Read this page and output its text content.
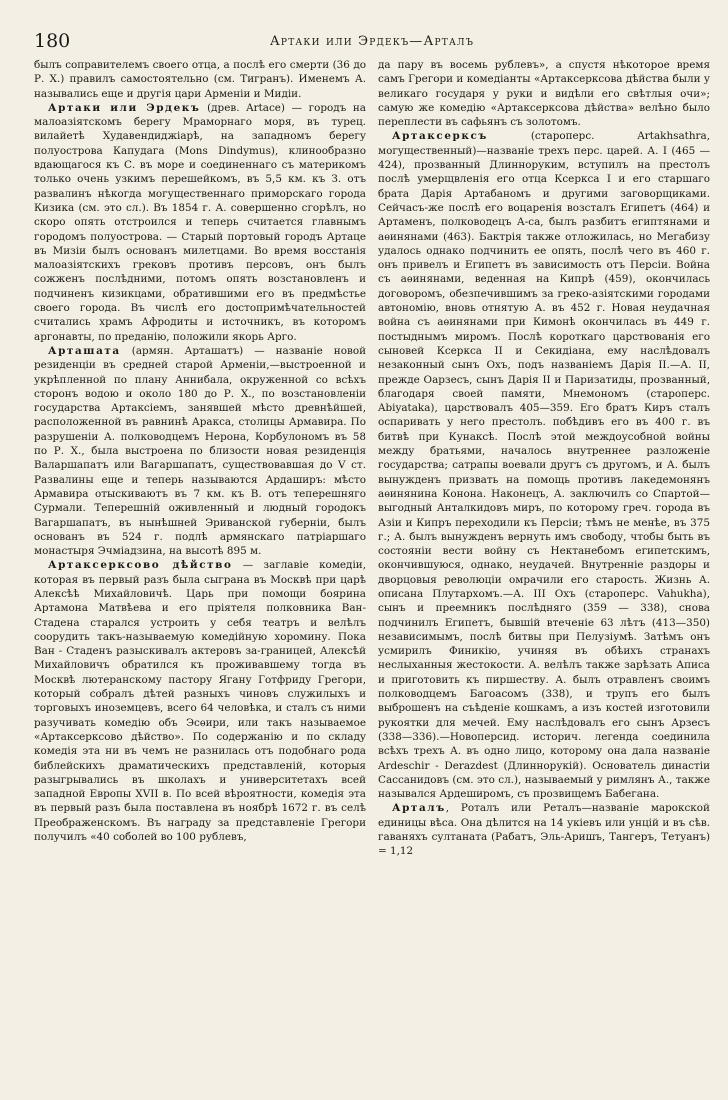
180	Артаки или Эрдекъ—Арталъ

былъ соправителемъ своего отца, а послѣ его смерти (36 до Р. Х.) правилъ самостоятельно (см. Тигранъ). Именемъ А. назывались еще и другія цари Арменіи и Мидіи.

Артаки или Эрдекъ (древ. Artace) — городъ на малоазіятскомъ берегу Мраморнаго моря, въ турец. вилайетѣ Худавендиджіарѣ, на западномъ берегу полуострова Капудага (Mons Dindymus), клинообразно вдающагося къ С. въ море и соединеннаго съ материкомъ только очень узкимъ перешейкомъ, въ 5,5 км. къ З. отъ развалинъ нѣкогда могущественнаго приморскаго города Кизика (см. это сл.). Въ 1854 г. А. совершенно сгорѣлъ, но скоро опять отстроился и теперь считается главнымъ городомъ полуострова. — Старый портовый городъ Артаце въ Мизіи былъ основанъ милетцами. Во время восстанія малоазіятскихъ грековъ противъ персовъ, онъ былъ сожженъ послѣдними, потомъ опять возстановленъ и подчиненъ кизикцами, обратившими его въ предмѣстье своего города. Въ числѣ его достопримѣчательностей считались храмъ Афродиты и источникъ, въ которомъ аргонавты, по преданію, положили якорь Арго.

Арташата (армян. Арташатъ) — названіе новой резиденціи въ средней старой Арменіи,—выстроенной и укрѣпленной по плану Аннибала, окруженной со всѣхъ сторонъ водою и около 180 до Р. Х., по возстановленіи государства Артаксіемъ, занявшей мѣсто древнѣйшей, расположенной въ равнинѣ Аракса, столицы Армавира. По разрушеніи А. полководцемъ Нерона, Корбулономъ въ 58 по Р. Х., была выстроена по близости новая резиденція Валаршапатъ или Вагаршапатъ, существовавшая до V ст. Развалины еще и теперь называются Ардаширъ: мѣсто Армавира отыскиваютъ въ 7 км. къ В. отъ теперешняго Сурмали. Теперешній оживленный и людный городокъ Вагаршапатъ, въ нынѣшней Эриванской губерніи, былъ основанъ въ 524 г. подлѣ армянскаго патріаршаго монастыря Эчміадзина, на высотѣ 895 м.

Артаксерксово дѣйство — заглавіе комедіи, которая въ первый разъ была сыграна въ Москвѣ при царѣ Алексѣѣ Михайловичѣ. Царь при помощи боярина Артамона Матвѣева и его пріятеля полковника Ван-Стадена старался устроить у себя театръ и велѣлъ соорудить такъ-называемую комедійную хоромину. Пока Ван - Стаденъ разыскивалъ актеровъ за-границей, Алексѣй Михайловичъ обратился къ проживавшему тогда въ Москвѣ лютеранскому пастору Ягану Готфриду Грегори, который собралъ дѣтей разныхъ чиновъ служилыхъ и торговыхъ иноземцевъ, всего 64 человѣка, и сталъ съ ними разучивать комедію объ Эсѳири, или такъ называемое «Артаксерксово дѣйство». По содержанію и по складу комедія эта ни въ чемъ не разнилась отъ подобнаго рода библейскихъ драматическихъ представленій, которыя разыгрывались въ школахъ и университетахъ всей западной Европы XVII в. По всей вѣроятности, комедія эта въ первый разъ была поставлена въ ноябрѣ 1672 г. въ селѣ Преображенскомъ. Въ награду за представленіе Грегори получилъ «40 соболей во 100 рублевъ,

да пару въ восемь рублевъ», а спустя нѣкоторое время самъ Грегори и комедіанты «Артаксерксова дѣйства были у великаго государя у руки и видѣли его свѣтлыя очи»; самую же комедію «Артаксерксова дѣйства» велѣно было переплести въ сафьянъ съ золотомъ.

Артаксерксъ (староперс. Artakhsathra, могущественный)—названіе трехъ перс. царей. А. I (465 — 424), прозванный Длинноруким, вступилъ на престолъ послѣ умерщвленія его отца Ксеркса I и его старшаго брата Дарія Артабаномъ и другими заговорщиками. Сейчасъ-же послѣ его воцаренія возсталъ Египетъ (464) и Артаменъ, полководецъ А-са, былъ разбитъ египтянами и аѳинянами (463). Бактрія также отложилась, но Мегабизу удалось однако подчинить ее опять, послѣ чего въ 460 г. онъ привелъ и Египетъ въ зависимость отъ Персіи. Война съ аѳинянами, веденная на Кипрѣ (459), окончилась договоромъ, обезпечившимъ за греко-азіятскими городами автономію, вновь отнятую А. въ 452 г. Новая неудачная война съ аѳинянами при Кимонѣ окончилась въ 449 г. постыднымъ миромъ. Послѣ короткаго царствованія его сыновей Ксеркса II и Секидіана, ему наслѣдовалъ незаконный сынъ Охъ, подъ названіемъ Дарія II.—А. II, прежде Оарзесъ, сынъ Дарія II и Паризатиды, прозванный, благодаря своей памяти, Мнемономъ (староперс. Abiyataka), царствовалъ 405—359. Его братъ Киръ сталъ оспаривать у него престолъ. побѣдивъ его въ 400 г. въ битвѣ при Кунаксѣ. Послѣ этой междоусобной войны между братьями, началось внутреннее разложеніе государства; сатрапы воевали другъ съ другомъ, и А. былъ вынужденъ призвать на помощь противъ лакедемонянъ аѳинянина Конона. Наконецъ, А. заключилъ со Спартой—выгодный Анталкидовъ миръ, по которому греч. города въ Азіи и Кипръ переходили къ Персіи; тѣмъ не менѣе, въ 375 г.; А. былъ вынужденъ вернуть имъ свободу, чтобы быть въ состояніи вести войну съ Нектанебомъ египетскимъ, окончившуюся, однако, неудачей. Внутренніе раздоры и дворцовыя революціи омрачили его старость. Жизнь А. описана Плутархомъ.—А. III Охъ (староперс. Vahukha), сынъ и преемникъ послѣдняго (359 — 338), снова подчинилъ Египетъ, бывшій втеченіе 63 лѣтъ (413—350) независимымъ, послѣ битвы при Пелузіумѣ. Затѣмъ онъ усмирилъ Финикію, учиняя въ обѣихъ странахъ неслыханныя жестокости. А. велѣлъ также зарѣзать Аписа и приготовить къ пиршеству. А. былъ отравленъ своимъ полководцемъ Багоасомъ (338), и трупъ его былъ выброшенъ на съѣденіе кошкамъ, а изъ костей изготовили рукоятки для мечей. Ему наслѣдовалъ его сынъ Арзесъ (338—336).—Новоперсид. историч. легенда соединила всѣхъ трехъ А. въ одно лицо, которому она дала названіе Ardeschir - Derazdest (Длиннорукій). Основатель династіи Сассанидовъ (см. это сл.), называемый у римлянъ А., также назывался Ардеширомъ, съ прозвищемъ Бабегана.

Арталъ, Роталъ или Реталъ—названіе марокской единицы вѣса. Она дѣлится на 14 укіевъ или унцій и въ сѣв. гаваняхъ султаната (Рабатъ, Эль-Аришъ, Тангеръ, Тетуанъ) = 1,12
